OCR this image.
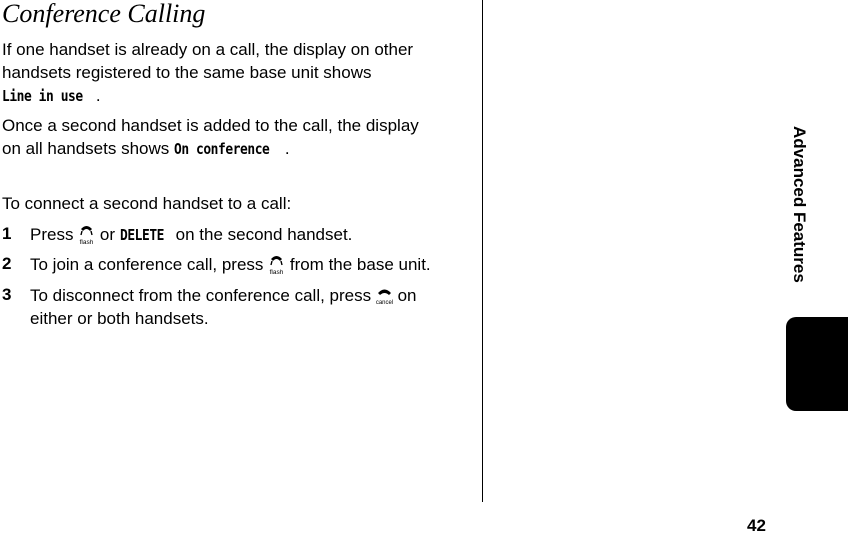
Conference Calling
If one handset is already on a call, the display on other
handsets registered to the same base unit shows
Line in use .
Once a second handset is added to the call, the display
on all handsets shows On conference .
To connect a second handset to a call:
1 Press flash or DELETE on the second handset.
2 To join a conference call, press flash from the base unit.
3 To disconnect from the conference call, press cancel on
either or both handsets.
Advanced Features
42
